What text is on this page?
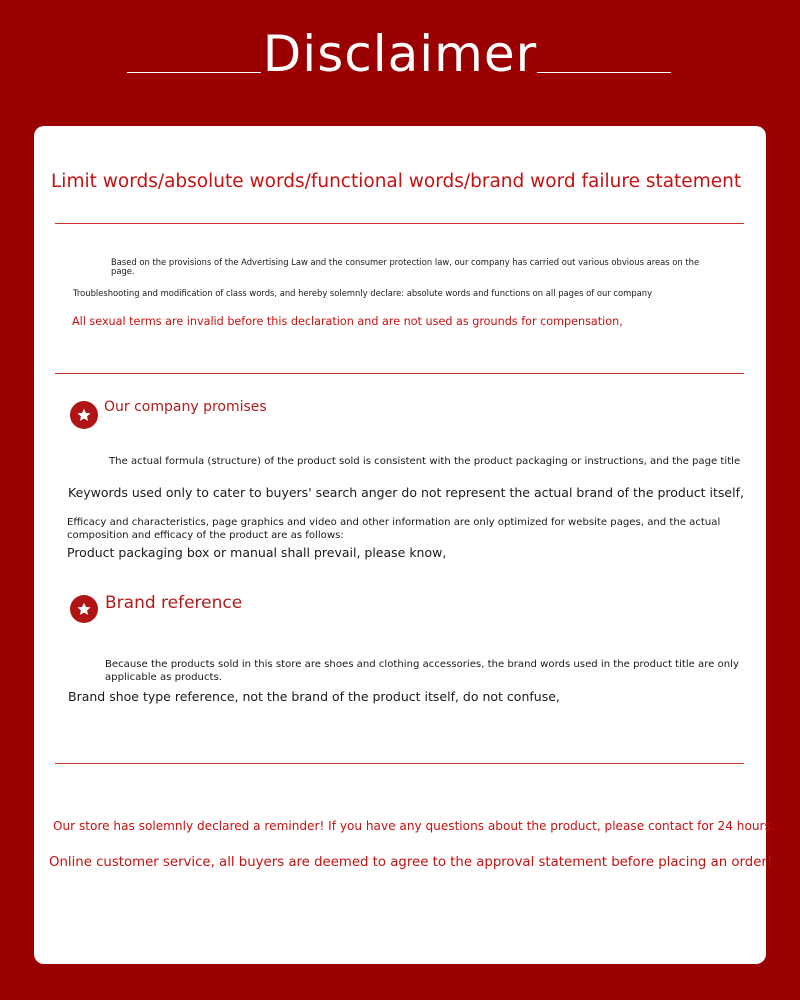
Disclaimer
Limit words/absolute words/functional words/brand word failure statement
Based on the provisions of the Advertising Law and the consumer protection law, our company has carried out various obvious areas on the page.
Troubleshooting and modification of class words, and hereby solemnly declare: absolute words and functions on all pages of our company
All sexual terms are invalid before this declaration and are not used as grounds for compensation,
Our company promises
The actual formula (structure) of the product sold is consistent with the product packaging or instructions, and the page title
Keywords used only to cater to buyers' search anger do not represent the actual brand of the product itself,
Efficacy and characteristics, page graphics and video and other information are only optimized for website pages, and the actual composition and efficacy of the product are as follows:
Product packaging box or manual shall prevail, please know,
Brand reference
Because the products sold in this store are shoes and clothing accessories, the brand words used in the product title are only applicable as products.
Brand shoe type reference, not the brand of the product itself, do not confuse,
Our store has solemnly declared a reminder! If you have any questions about the product, please contact for 24 hours.
Online customer service, all buyers are deemed to agree to the approval statement before placing an order!
